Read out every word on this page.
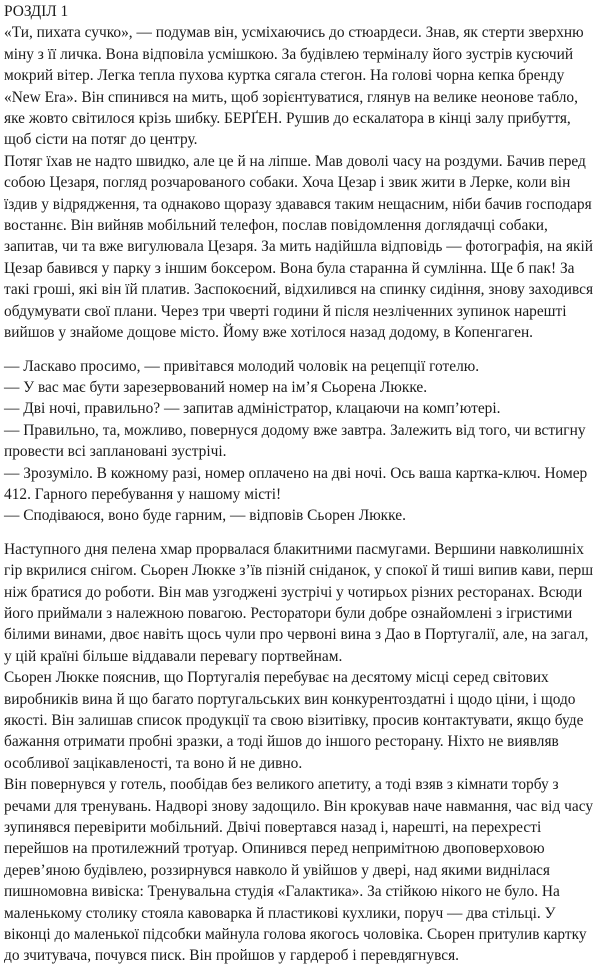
РОЗДІЛ 1

«Ти, пихата сучко», — подумав він, усміхаючись до стюардеси. Знав, як стерти зверхню міну з її личка. Вона відповіла усмішкою. За будівлею терміналу його зустрів кусючий мокрий вітер. Легка тепла пухова куртка сягала стегон. На голові чорна кепка бренду «New Era». Він спинився на мить, щоб зорієнтуватися, глянув на велике неонове табло, яке жовто світилося крізь шибку. БЕРҐЕН. Рушив до ескалатора в кінці залу прибуття, щоб сісти на потяг до центру.

Потяг їхав не надто швидко, але це й на ліпше. Мав доволі часу на роздуми. Бачив перед собою Цезаря, погляд розчарованого собаки. Хоча Цезар і звик жити в Лерке, коли він їздив у відрядження, та однаково щоразу здавався таким нещасним, ніби бачив господаря востаннє. Він вийняв мобільний телефон, послав повідомлення доглядачці собаки, запитав, чи та вже вигулювала Цезаря. За мить надійшла відповідь — фотографія, на якій Цезар бавився у парку з іншим боксером. Вона була старанна й сумлінна. Ще б пак! За такі гроші, які він їй платив. Заспокоєний, відхилився на спинку сидіння, знову заходився обдумувати свої плани. Через три чверті години й після незліченних зупинок нарешті вийшов у знайоме дощове місто. Йому вже хотілося назад додому, в Копенгаген.

— Ласкаво просимо, — привітався молодий чоловік на рецепції готелю.

— У вас має бути зарезервований номер на ім’я Сьорена Люкке.

— Дві ночі, правильно? — запитав адміністратор, клацаючи на комп’ютері.

— Правильно, та, можливо, повернуся додому вже завтра. Залежить від того, чи встигну провести всі заплановані зустрічі.

— Зрозуміло. В кожному разі, номер оплачено на дві ночі. Ось ваша картка-ключ. Номер 412. Гарного перебування у нашому місті!

— Сподіваюся, воно буде гарним, — відповів Сьорен Люкке.

Наступного дня пелена хмар прорвалася блакитними пасмугами. Вершини навколишніх гір вкрилися снігом. Сьорен Люкке з’їв пізній сніданок, у спокої й тиші випив кави, перш ніж братися до роботи. Він мав узгоджені зустрічі у чотирьох різних ресторанах. Всюди його приймали з належною повагою. Ресторатори були добре ознайомлені з ігристими білими винами, двоє навіть щось чули про червоні вина з Дао в Португалії, але, на загал, у цій країні більше віддавали перевагу портвейнам.

Сьорен Люкке пояснив, що Португалія перебуває на десятому місці серед світових виробників вина й що багато португальських вин конкурентоздатні і щодо ціни, і щодо якості. Він залишав список продукції та свою візитівку, просив контактувати, якщо буде бажання отримати пробні зразки, а тоді йшов до іншого ресторану. Ніхто не виявляв особливої зацікавленості, та воно й не дивно.

Він повернувся у готель, пообідав без великого апетиту, а тоді взяв з кімнати торбу з речами для тренувань. Надворі знову задощило. Він крокував наче навмання, час від часу зупинявся перевірити мобільний. Двічі повертався назад і, нарешті, на перехресті перейшов на протилежний тротуар. Опинився перед непримітною двоповерховою дерев’яною будівлею, роззирнувся навколо й увійшов у двері, над якими виднілася пишномовна вивіска: Тренувальна студія «Галактика». За стійкою нікого не було. На маленькому столику стояла кавоварка й пластикові кухлики, поруч — два стільці. У віконці до маленької підсобки майнула голова якогось чоловіка. Сьорен притулив картку до зчитувача, почувся писк. Він пройшов у гардероб і перевдягнувся.
